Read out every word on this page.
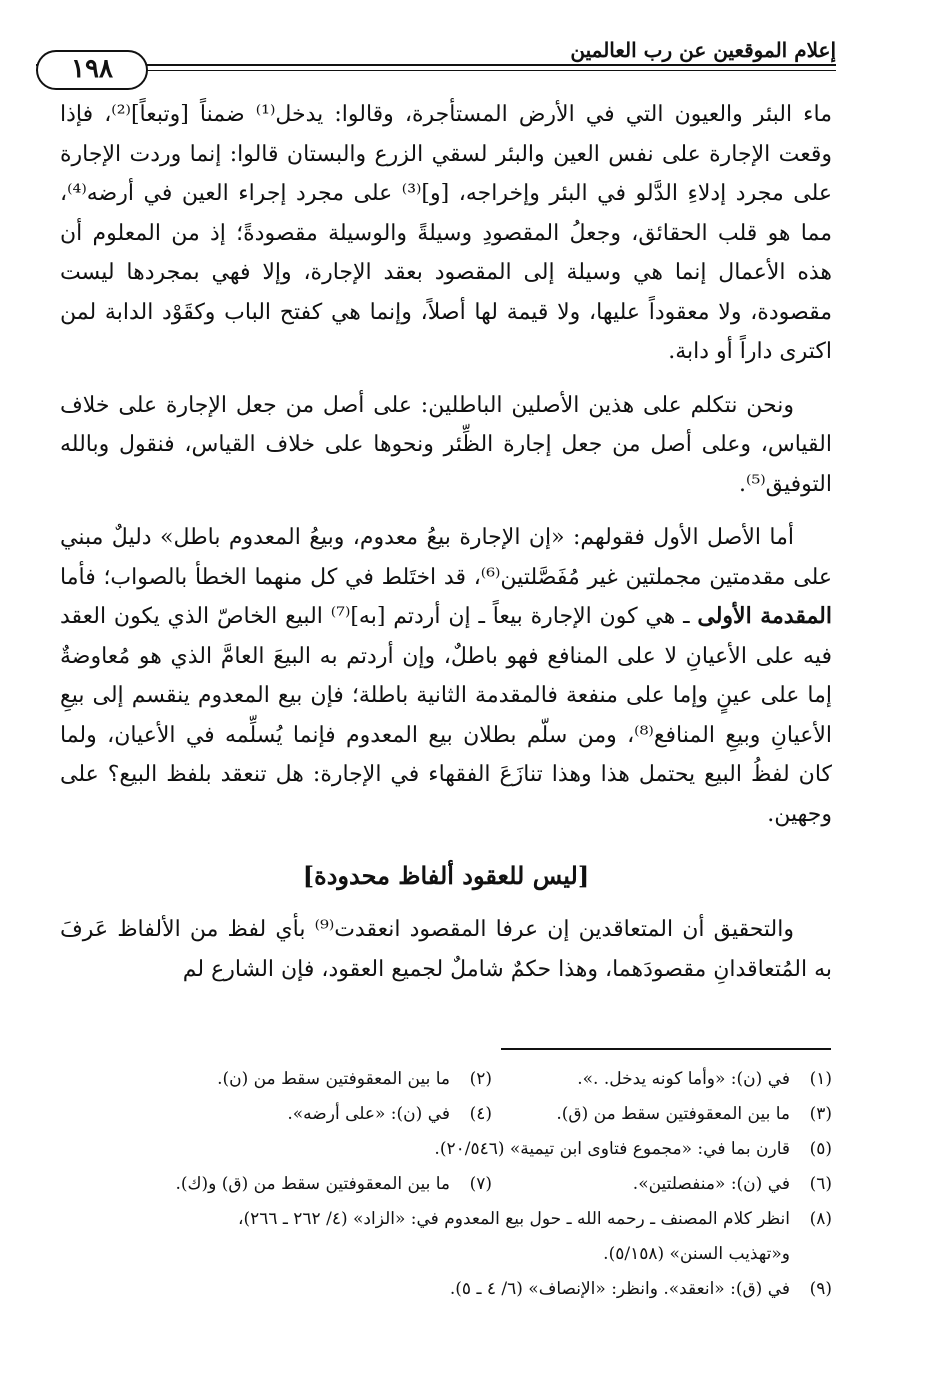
إعلام الموقعين عن رب العالمين
١٩٨

ماء البئر والعيون التي في الأرض المستأجرة، وقالوا: يدخل⁽¹⁾ ضمناً [وتبعاً]⁽²⁾، فإذا وقعت الإجارة على نفس العين والبئر لسقي الزرع والبستان قالوا: إنما وردت الإجارة على مجرد إدلاءِ الدَّلو في البئر وإخراجه، [و]⁽³⁾ على مجرد إجراء العين في أرضه⁽⁴⁾، مما هو قلب الحقائق، وجعلُ المقصودِ وسيلةً والوسيلة مقصودةً؛ إذ من المعلوم أن هذه الأعمال إنما هي وسيلة إلى المقصود بعقد الإجارة، وإلا فهي بمجردها ليست مقصودة، ولا معقوداً عليها، ولا قيمة لها أصلاً، وإنما هي كفتح الباب وكقَوْد الدابة لمن اكترى داراً أو دابة.

ونحن نتكلم على هذين الأصلين الباطلين: على أصل من جعل الإجارة على خلاف القياس، وعلى أصل من جعل إجارة الظِّئر ونحوها على خلاف القياس، فنقول وبالله التوفيق⁽⁵⁾.

أما الأصل الأول فقولهم: «إن الإجارة بيعُ معدوم، وبيعُ المعدوم باطل» دليلٌ مبني على مقدمتين مجملتين غير مُفَصَّلتين⁽⁶⁾، قد اختَلط في كل منهما الخطأ بالصواب؛ فأما المقدمة الأولى ـ هي كون الإجارة بيعاً ـ إن أردتم [به]⁽⁷⁾ البيع الخاصّ الذي يكون العقد فيه على الأعيانِ لا على المنافع فهو باطلٌ، وإن أردتم به البيعَ العامَّ الذي هو مُعاوضةٌ إما على عينٍ وإما على منفعة فالمقدمة الثانية باطلة؛ فإن بيع المعدوم ينقسم إلى بيعِ الأعيانِ وبيعِ المنافع⁽⁸⁾، ومن سلّم بطلان بيع المعدوم فإنما يُسلِّمه في الأعيان، ولما كان لفظُ البيع يحتمل هذا وهذا تنازَعَ الفقهاء في الإجارة: هل تنعقد بلفظ البيع؟ على وجهين.

[ليس للعقود ألفاظ محدودة]

والتحقيق أن المتعاقدين إن عرفا المقصود انعقدت⁽⁹⁾ بأي لفظ من الألفاظ عَرفَ به المُتعاقدانِ مقصودَهما، وهذا حكمٌ شاملٌ لجميع العقود، فإن الشارع لم

(١)
في (ن): «وأما كونه يدخل. .».
(٢)
ما بين المعقوفتين سقط من (ن).
(٣)
ما بين المعقوفتين سقط من (ق).
(٤)
في (ن): «على أرضه».
(٥)
قارن بما في: «مجموع فتاوى ابن تيمية» (٢٠/٥٤٦).
(٦)
في (ن): «منفصلتين».
(٧)
ما بين المعقوفتين سقط من (ق) و(ك).
(٨)
انظر كلام المصنف ـ رحمه الله ـ حول بيع المعدوم في: «الزاد» (٤/ ٢٦٢ ـ ٢٦٦)،
و«تهذيب السنن» (٥/١٥٨).
(٩)
في (ق): «انعقد». وانظر: «الإنصاف» (٦/ ٤ ـ ٥).
